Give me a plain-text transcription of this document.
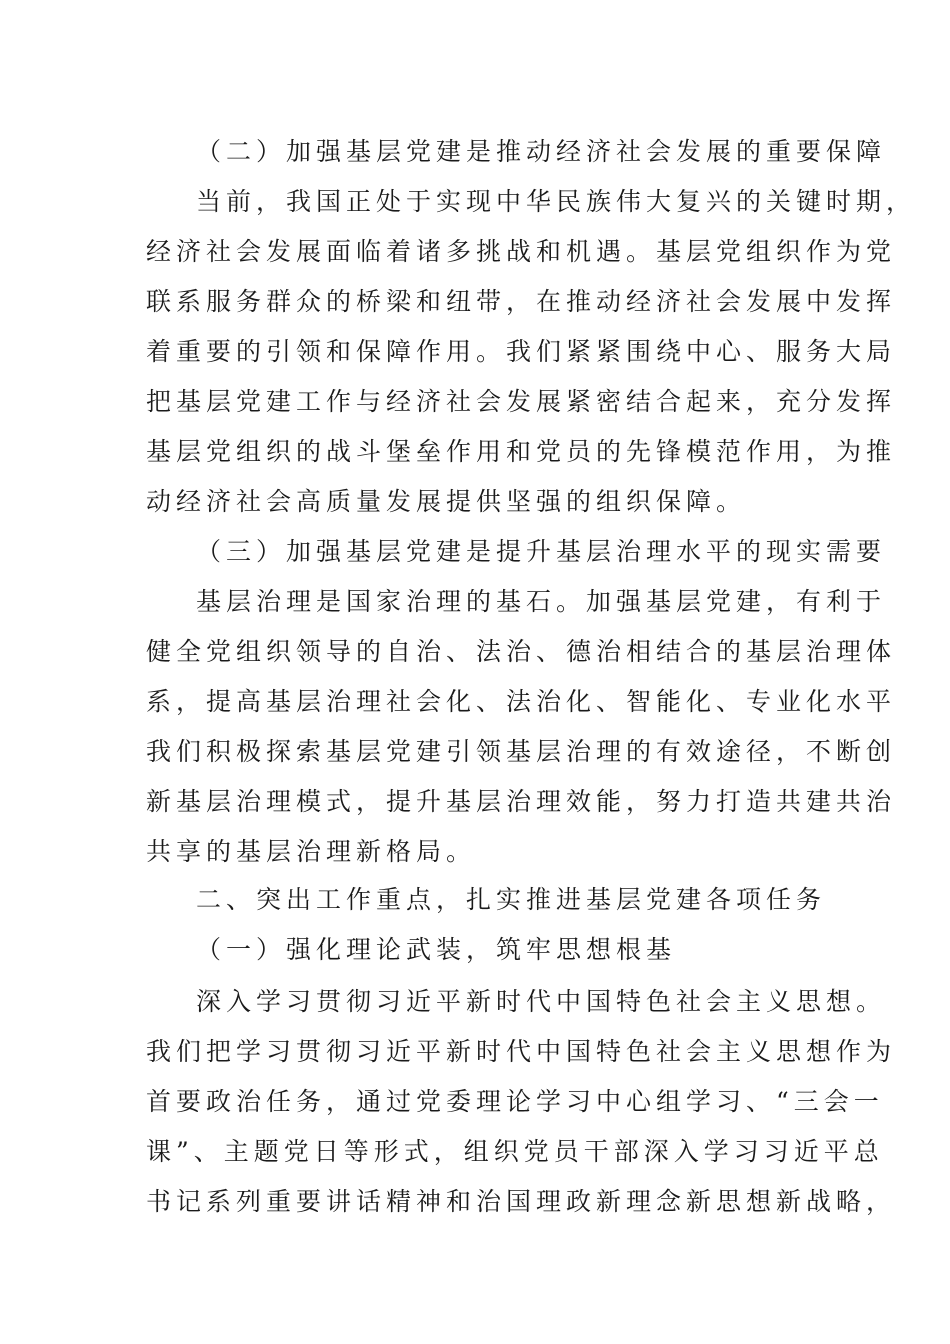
（二）加强基层党建是推动经济社会发展的重要保障
当前，我国正处于实现中华民族伟大复兴的关键时期，
经济社会发展面临着诸多挑战和机遇。基层党组织作为党
联系服务群众的桥梁和纽带，在推动经济社会发展中发挥
着重要的引领和保障作用。我们紧紧围绕中心、服务大局
把基层党建工作与经济社会发展紧密结合起来，充分发挥
基层党组织的战斗堡垒作用和党员的先锋模范作用，为推
动经济社会高质量发展提供坚强的组织保障。
（三）加强基层党建是提升基层治理水平的现实需要
基层治理是国家治理的基石。加强基层党建，有利于
健全党组织领导的自治、法治、德治相结合的基层治理体
系，提高基层治理社会化、法治化、智能化、专业化水平
我们积极探索基层党建引领基层治理的有效途径，不断创
新基层治理模式，提升基层治理效能，努力打造共建共治
共享的基层治理新格局。
二、突出工作重点，扎实推进基层党建各项任务
（一）强化理论武装，筑牢思想根基
深入学习贯彻习近平新时代中国特色社会主义思想。
我们把学习贯彻习近平新时代中国特色社会主义思想作为
首要政治任务，通过党委理论学习中心组学习、“三会一
课”、主题党日等形式，组织党员干部深入学习习近平总
书记系列重要讲话精神和治国理政新理念新思想新战略，
